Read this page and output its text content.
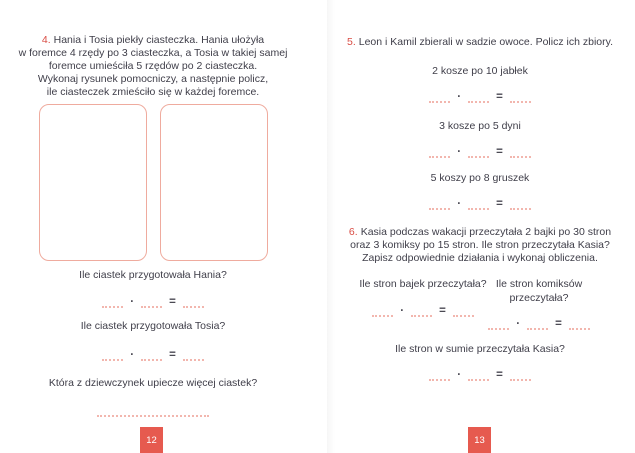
4. Hania i Tosia piekły ciasteczka. Hania ułożyła
w foremce 4 rzędy po 3 ciasteczka, a Tosia w takiej samej
foremce umieściła 5 rzędów po 2 ciasteczka.
Wykonaj rysunek pomocniczy, a następnie policz,
ile ciasteczek zmieściło się w każdej foremce.
Ile ciastek przygotowała Hania?
·	=
Ile ciastek przygotowała Tosia?
·	=
Która z dziewczynek upiecze więcej ciastek?
12
5. Leon i Kamil zbierali w sadzie owoce. Policz ich zbiory.
2 kosze po 10 jabłek
·	=
3 kosze po 5 dyni
·	=
5 koszy po 8 gruszek
·	=
6. Kasia podczas wakacji przeczytała 2 bajki po 30 stron
oraz 3 komiksy po 15 stron. Ile stron przeczytała Kasia?
Zapisz odpowiednie działania i wykonaj obliczenia.
Ile stron bajek przeczytała?
·	=
Ile stron komiksów przeczytała?
·	=
Ile stron w sumie przeczytała Kasia?
·	=
13
